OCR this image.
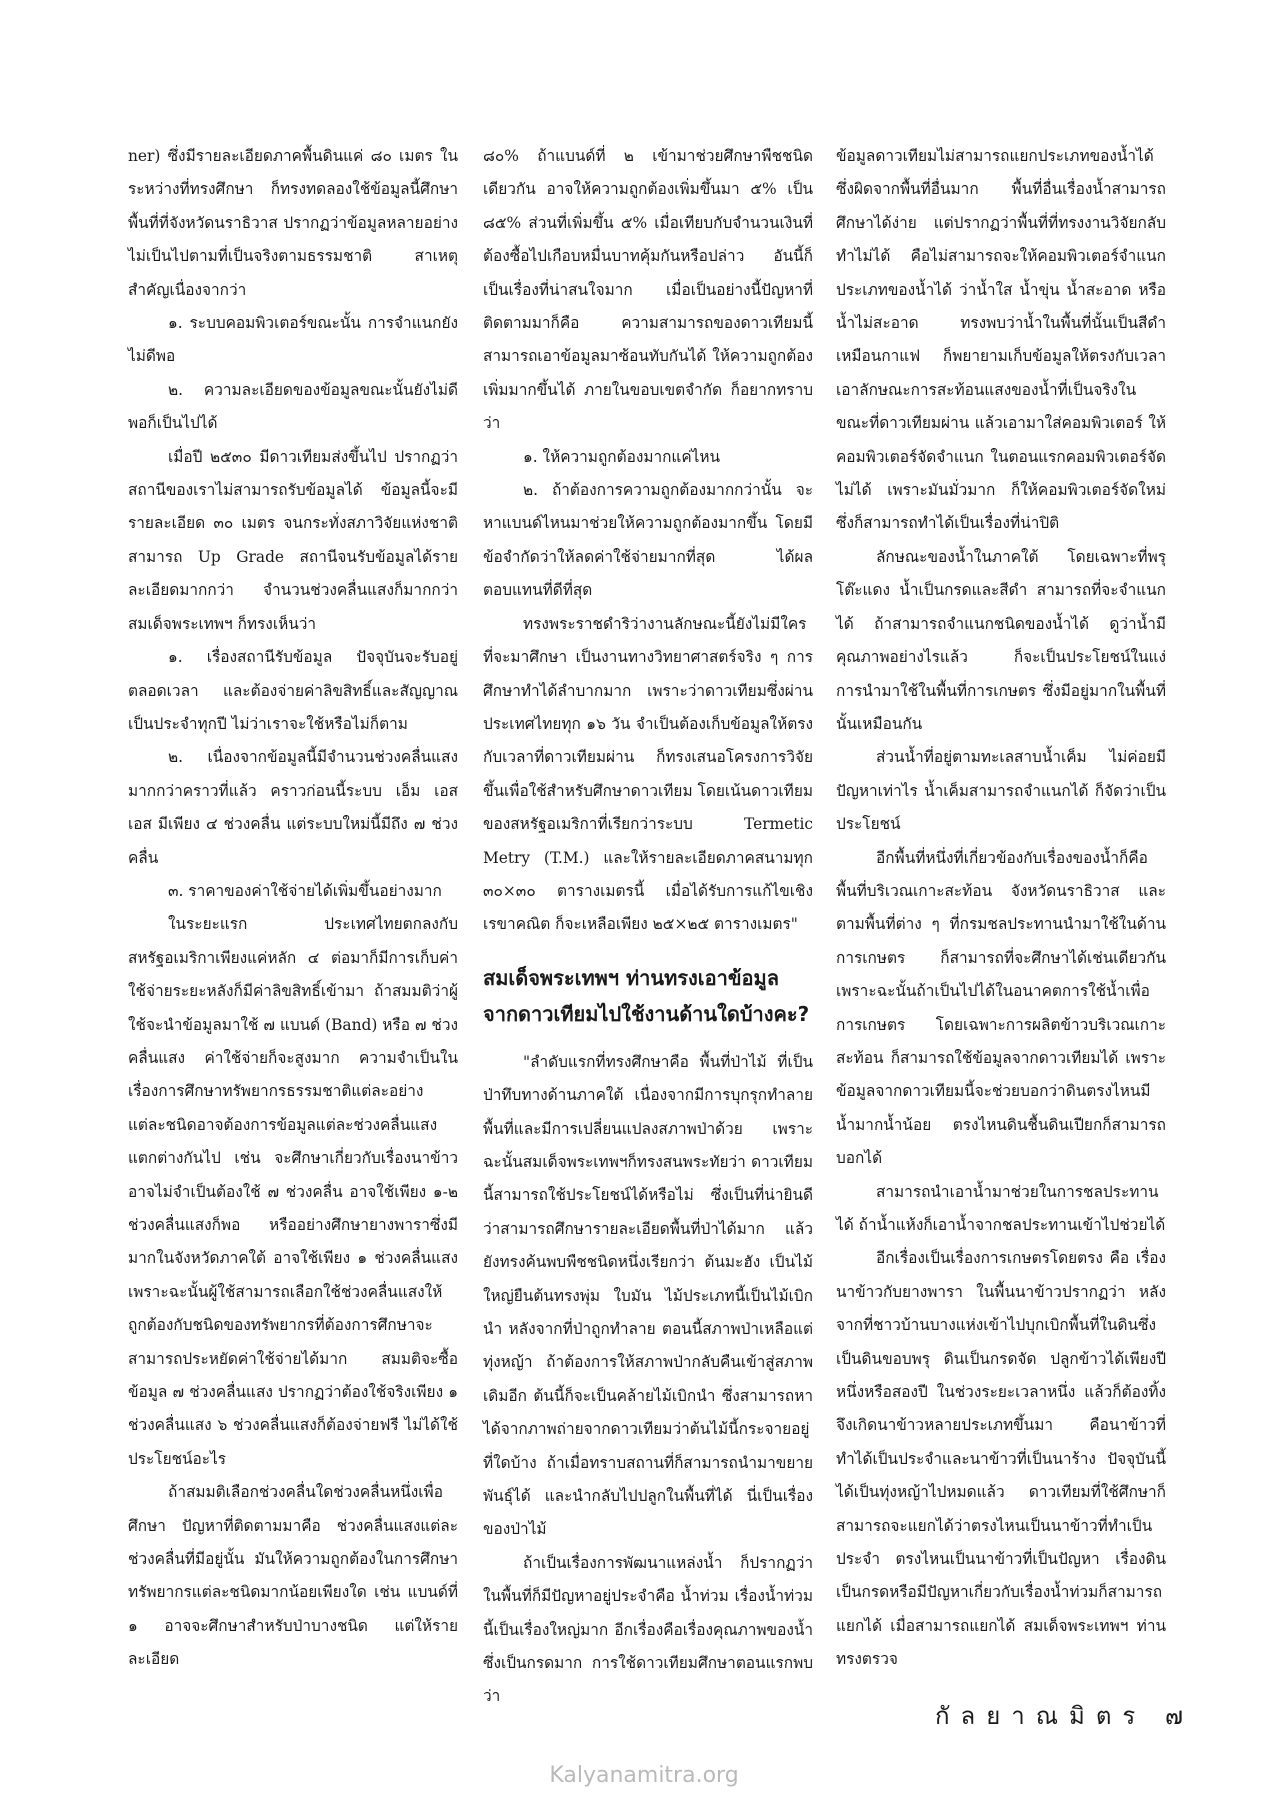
ner) ซึ่งมีรายละเอียดภาคพื้นดินแค่ ๘๐ เมตร ในระหว่างที่ทรงศึกษา ก็ทรงทดลองใช้ข้อมูลนี้ศึกษาพื้นที่ที่จังหวัดนราธิวาส ปรากฏว่าข้อมูลหลายอย่างไม่เป็นไปตามที่เป็นจริงตามธรรมชาติ สาเหตุสำคัญเนื่องจากว่า

๑. ระบบคอมพิวเตอร์ขณะนั้น การจำแนกยังไม่ดีพอ

๒. ความละเอียดของข้อมูลขณะนั้นยังไม่ดีพอก็เป็นไปได้

เมื่อปี ๒๕๓๐ มีดาวเทียมส่งขึ้นไป ปรากฏว่าสถานีของเราไม่สามารถรับข้อมูลได้ ข้อมูลนี้จะมีรายละเอียด ๓๐ เมตร จนกระทั่งสภาวิจัยแห่งชาติสามารถ Up Grade สถานีจนรับข้อมูลได้รายละเอียดมากกว่า จำนวนช่วงคลื่นแสงก็มากกว่า สมเด็จพระเทพฯ ก็ทรงเห็นว่า

๑. เรื่องสถานีรับข้อมูล ปัจจุบันจะรับอยู่ตลอดเวลา และต้องจ่ายค่าลิขสิทธิ์และสัญญาณเป็นประจำทุกปี ไม่ว่าเราจะใช้หรือไม่ก็ตาม

๒. เนื่องจากข้อมูลนี้มีจำนวนช่วงคลื่นแสงมากกว่าคราวที่แล้ว คราวก่อนนี้ระบบ เอ็ม เอส เอส มีเพียง ๔ ช่วงคลื่น แต่ระบบใหม่นี้มีถึง ๗ ช่วงคลื่น

๓. ราคาของค่าใช้จ่ายได้เพิ่มขึ้นอย่างมาก

ในระยะแรก ประเทศไทยตกลงกับสหรัฐอเมริกาเพียงแค่หลัก ๔ ต่อมาก็มีการเก็บค่าใช้จ่ายระยะหลังก็มีค่าลิขสิทธิ์เข้ามา ถ้าสมมติว่าผู้ใช้จะนำข้อมูลมาใช้ ๗ แบนด์ (Band) หรือ ๗ ช่วงคลื่นแสง ค่าใช้จ่ายก็จะสูงมาก ความจำเป็นในเรื่องการศึกษาทรัพยากรธรรมชาติแต่ละอย่าง แต่ละชนิดอาจต้องการข้อมูลแต่ละช่วงคลื่นแสงแตกต่างกันไป เช่น จะศึกษาเกี่ยวกับเรื่องนาข้าว อาจไม่จำเป็นต้องใช้ ๗ ช่วงคลื่น อาจใช้เพียง ๑-๒ ช่วงคลื่นแสงก็พอ หรืออย่างศึกษายางพาราซึ่งมีมากในจังหวัดภาคใต้ อาจใช้เพียง ๑ ช่วงคลื่นแสง เพราะฉะนั้นผู้ใช้สามารถเลือกใช้ช่วงคลื่นแสงให้ถูกต้องกับชนิดของทรัพยากรที่ต้องการศึกษาจะสามารถประหยัดค่าใช้จ่ายได้มาก สมมติจะซื้อข้อมูล ๗ ช่วงคลื่นแสง ปรากฏว่าต้องใช้จริงเพียง ๑ ช่วงคลื่นแสง ๖ ช่วงคลื่นแสงก็ต้องจ่ายฟรี ไม่ได้ใช้ประโยชน์อะไร

ถ้าสมมติเลือกช่วงคลื่นใดช่วงคลื่นหนึ่งเพื่อศึกษา ปัญหาที่ติดตามมาคือ ช่วงคลื่นแสงแต่ละช่วงคลื่นที่มีอยู่นั้น มันให้ความถูกต้องในการศึกษาทรัพยากรแต่ละชนิดมากน้อยเพียงใด เช่น แบนด์ที่ ๑ อาจจะศึกษาสำหรับป่าบางชนิด แต่ให้รายละเอียด

๘๐% ถ้าแบนด์ที่ ๒ เข้ามาช่วยศึกษาพืชชนิดเดียวกัน อาจให้ความถูกต้องเพิ่มขึ้นมา ๕% เป็น ๘๕% ส่วนที่เพิ่มขึ้น ๕% เมื่อเทียบกับจำนวนเงินที่ต้องซื้อไปเกือบหมื่นบาทคุ้มกันหรือปล่าว อันนี้ก็เป็นเรื่องที่น่าสนใจมาก เมื่อเป็นอย่างนี้ปัญหาที่ติดตามมาก็คือ ความสามารถของดาวเทียมนี้สามารถเอาข้อมูลมาซ้อนทับกันได้ ให้ความถูกต้องเพิ่มมากขึ้นได้ ภายในขอบเขตจำกัด ก็อยากทราบว่า

๑. ให้ความถูกต้องมากแค่ไหน

๒. ถ้าต้องการความถูกต้องมากกว่านั้น จะหาแบนด์ไหนมาช่วยให้ความถูกต้องมากขึ้น โดยมีข้อจำกัดว่าให้ลดค่าใช้จ่ายมากที่สุด ได้ผลตอบแทนที่ดีที่สุด

ทรงพระราชดำริว่างานลักษณะนี้ยังไม่มีใครที่จะมาศึกษา เป็นงานทางวิทยาศาสตร์จริง ๆ การศึกษาทำได้ลำบากมาก เพราะว่าดาวเทียมซึ่งผ่านประเทศไทยทุก ๑๖ วัน จำเป็นต้องเก็บข้อมูลให้ตรงกับเวลาที่ดาวเทียมผ่าน ก็ทรงเสนอโครงการวิจัยขึ้นเพื่อใช้สำหรับศึกษาดาวเทียม โดยเน้นดาวเทียมของสหรัฐอเมริกาที่เรียกว่าระบบ Termetic Metry (T.M.) และให้รายละเอียดภาคสนามทุก ๓๐×๓๐ ตารางเมตรนี้ เมื่อได้รับการแก้ไขเชิงเรขาคณิต ก็จะเหลือเพียง ๒๕×๒๕ ตารางเมตร"

สมเด็จพระเทพฯ ท่านทรงเอาข้อมูลจากดาวเทียมไปใช้งานด้านใดบ้างคะ?

"ลำดับแรกที่ทรงศึกษาคือ พื้นที่ป่าไม้ ที่เป็นป่าทึบทางด้านภาคใต้ เนื่องจากมีการบุกรุกทำลายพื้นที่และมีการเปลี่ยนแปลงสภาพป่าด้วย เพราะฉะนั้นสมเด็จพระเทพฯก็ทรงสนพระทัยว่า ดาวเทียมนี้สามารถใช้ประโยชน์ได้หรือไม่ ซึ่งเป็นที่น่ายินดีว่าสามารถศึกษารายละเอียดพื้นที่ป่าได้มาก แล้วยังทรงค้นพบพืชชนิดหนึ่งเรียกว่า ต้นมะฮัง เป็นไม้ใหญ่ยืนต้นทรงพุ่ม ใบมัน ไม้ประเภทนี้เป็นไม้เบิกนำ หลังจากที่ป่าถูกทำลาย ตอนนี้สภาพป่าเหลือแต่ทุ่งหญ้า ถ้าต้องการให้สภาพป่ากลับคืนเข้าสู่สภาพเดิมอีก ต้นนี้ก็จะเป็นคล้ายไม้เบิกนำ ซึ่งสามารถหาได้จากภาพถ่ายจากดาวเทียมว่าต้นไม้นี้กระจายอยู่ที่ใดบ้าง ถ้าเมื่อทราบสถานที่ก็สามารถนำมาขยายพันธุ์ได้ และนำกลับไปปลูกในพื้นที่ได้ นี่เป็นเรื่องของป่าไม้

ถ้าเป็นเรื่องการพัฒนาแหล่งน้ำ ก็ปรากฏว่าในพื้นที่ก็มีปัญหาอยู่ประจำคือ น้ำท่วม เรื่องน้ำท่วมนี้เป็นเรื่องใหญ่มาก อีกเรื่องคือเรื่องคุณภาพของน้ำซึ่งเป็นกรดมาก การใช้ดาวเทียมศึกษาตอนแรกพบว่า

ข้อมูลดาวเทียมไม่สามารถแยกประเภทของน้ำได้ ซึ่งผิดจากพื้นที่อื่นมาก พื้นที่อื่นเรื่องน้ำสามารถศึกษาได้ง่าย แต่ปรากฏว่าพื้นที่ที่ทรงงานวิจัยกลับทำไม่ได้ คือไม่สามารถจะให้คอมพิวเตอร์จำแนกประเภทของน้ำได้ ว่าน้ำใส น้ำขุ่น น้ำสะอาด หรือน้ำไม่สะอาด ทรงพบว่าน้ำในพื้นที่นั้นเป็นสีดำเหมือนกาแฟ ก็พยายามเก็บข้อมูลให้ตรงกับเวลา เอาลักษณะการสะท้อนแสงของน้ำที่เป็นจริงในขณะที่ดาวเทียมผ่าน แล้วเอามาใส่คอมพิวเตอร์ ให้คอมพิวเตอร์จัดจำแนก ในตอนแรกคอมพิวเตอร์จัดไม่ได้ เพราะมันมั่วมาก ก็ให้คอมพิวเตอร์จัดใหม่ ซึ่งก็สามารถทำได้เป็นเรื่องที่น่าปิติ

ลักษณะของน้ำในภาคใต้ โดยเฉพาะที่พรุโต๊ะแดง น้ำเป็นกรดและสีดำ สามารถที่จะจำแนกได้ ถ้าสามารถจำแนกชนิดของน้ำได้ ดูว่าน้ำมีคุณภาพอย่างไรแล้ว ก็จะเป็นประโยชน์ในแง่การนำมาใช้ในพื้นที่การเกษตร ซึ่งมีอยู่มากในพื้นที่นั้นเหมือนกัน

ส่วนน้ำที่อยู่ตามทะเลสาบน้ำเค็ม ไม่ค่อยมีปัญหาเท่าไร น้ำเค็มสามารถจำแนกได้ ก็จัดว่าเป็นประโยชน์

อีกพื้นที่หนึ่งที่เกี่ยวข้องกับเรื่องของน้ำก็คือ พื้นที่บริเวณเกาะสะท้อน จังหวัดนราธิวาส และตามพื้นที่ต่าง ๆ ที่กรมชลประทานนำมาใช้ในด้านการเกษตร ก็สามารถที่จะศึกษาได้เช่นเดียวกัน เพราะฉะนั้นถ้าเป็นไปได้ในอนาคตการใช้น้ำเพื่อการเกษตร โดยเฉพาะการผลิตข้าวบริเวณเกาะสะท้อน ก็สามารถใช้ข้อมูลจากดาวเทียมได้ เพราะข้อมูลจากดาวเทียมนี้จะช่วยบอกว่าดินตรงไหนมีน้ำมากน้ำน้อย ตรงไหนดินชื้นดินเปียกก็สามารถบอกได้

สามารถนำเอาน้ำมาช่วยในการชลประทานได้ ถ้าน้ำแห้งก็เอาน้ำจากชลประทานเข้าไปช่วยได้

อีกเรื่องเป็นเรื่องการเกษตรโดยตรง คือ เรื่องนาข้าวกับยางพารา ในพื้นนาข้าวปรากฏว่า หลังจากที่ชาวบ้านบางแห่งเข้าไปบุกเบิกพื้นที่ในดินซึ่งเป็นดินขอบพรุ ดินเป็นกรดจัด ปลูกข้าวได้เพียงปีหนึ่งหรือสองปี ในช่วงระยะเวลาหนึ่ง แล้วก็ต้องทิ้ง จึงเกิดนาข้าวหลายประเภทขึ้นมา คือนาข้าวที่ทำได้เป็นประจำและนาข้าวที่เป็นนาร้าง ปัจจุบันนี้ได้เป็นทุ่งหญ้าไปหมดแล้ว ดาวเทียมที่ใช้ศึกษาก็สามารถจะแยกได้ว่าตรงไหนเป็นนาข้าวที่ทำเป็นประจำ ตรงไหนเป็นนาข้าวที่เป็นปัญหา เรื่องดินเป็นกรดหรือมีปัญหาเกี่ยวกับเรื่องน้ำท่วมก็สามารถแยกได้ เมื่อสามารถแยกได้ สมเด็จพระเทพฯ ท่านทรงตรวจ

กัลยาณมิตร ๗
Kalyanamitra.org
